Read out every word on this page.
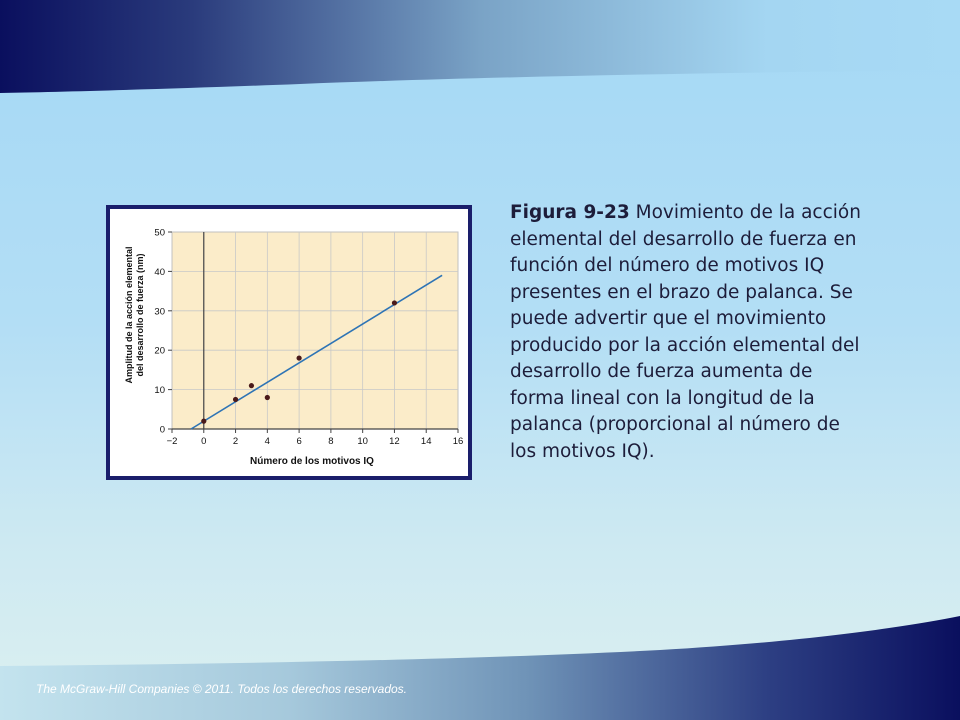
−2 0	2	4	6	8	10 12 14 16
0
10
20
30
40
50
Número de los motivos IQ
Amplitud de la acción elemental del desarrollo de fuerza (nm)
Figura 9-23 Movimiento de la acción elemental del desarrollo de fuerza en función del número de motivos IQ presentes en el brazo de palanca. Se puede advertir que el movimiento producido por la acción elemental del desarrollo de fuerza aumenta de forma lineal con la longitud de la palanca (proporcional al número de los motivos IQ).
The McGraw-Hill Companies © 2011. Todos los derechos reservados.
